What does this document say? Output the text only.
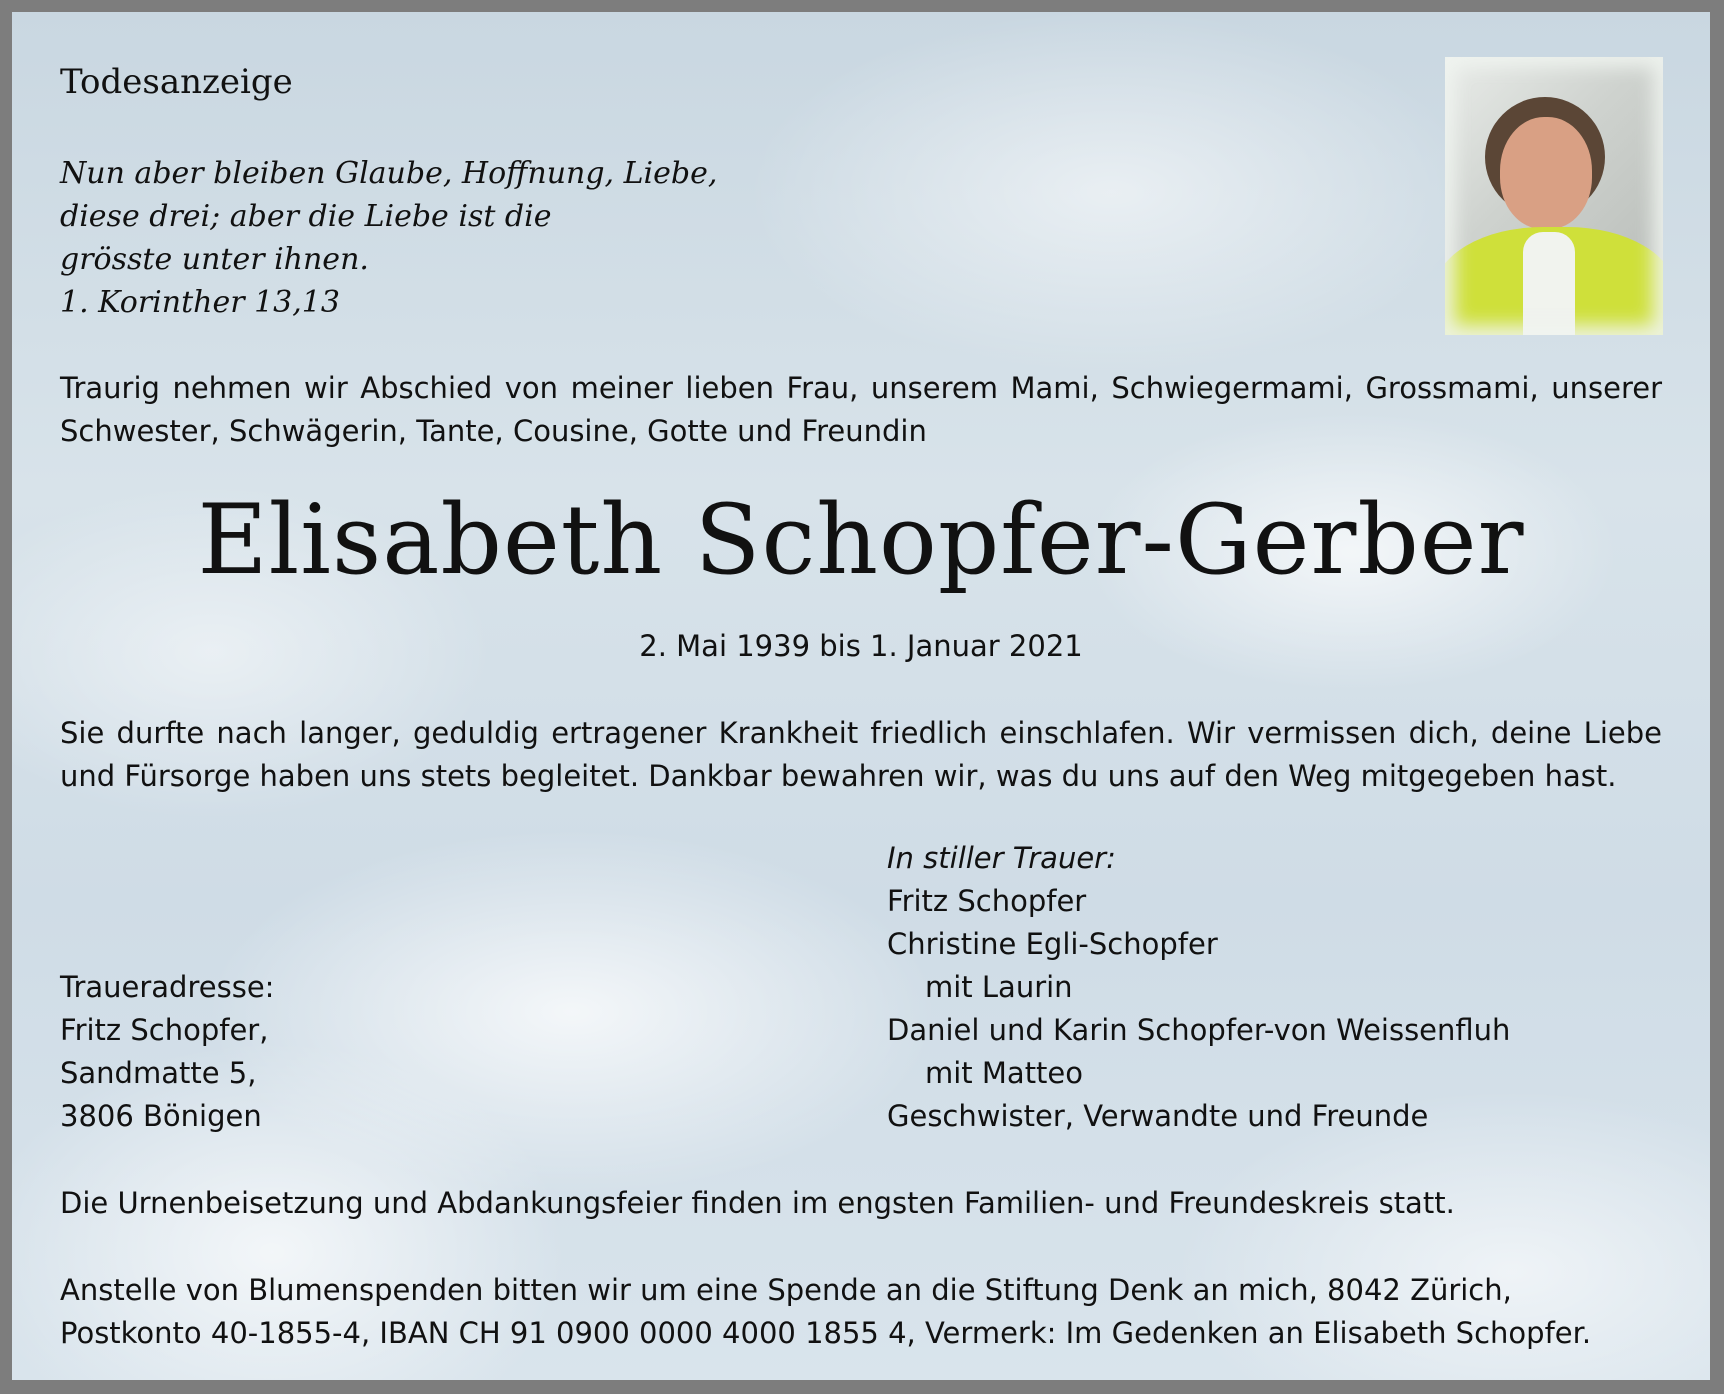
Todesanzeige
Nun aber bleiben Glaube, Hoffnung, Liebe,
diese drei; aber die Liebe ist die
grösste unter ihnen.
1. Korinther 13,13
Traurig nehmen wir Abschied von meiner lieben Frau, unserem Mami, Schwiegermami, Grossmami, unserer Schwester, Schwägerin, Tante, Cousine, Gotte und Freundin
Elisabeth Schopfer-Gerber
2. Mai 1939 bis 1. Januar 2021
Sie durfte nach langer, geduldig ertragener Krankheit friedlich einschlafen. Wir vermissen dich, deine Liebe und Fürsorge haben uns stets begleitet. Dankbar bewahren wir, was du uns auf den Weg mitgegeben hast.
In stiller Trauer:
Fritz Schopfer
Christine Egli-Schopfer
mit Laurin
Daniel und Karin Schopfer-von Weissenfluh
mit Matteo
Geschwister, Verwandte und Freunde
Traueradresse:
Fritz Schopfer,
Sandmatte 5,
3806 Bönigen
Die Urnenbeisetzung und Abdankungsfeier finden im engsten Familien- und Freundeskreis statt.
Anstelle von Blumenspenden bitten wir um eine Spende an die Stiftung Denk an mich, 8042 Zürich, Postkonto 40-1855-4, IBAN CH 91 0900 0000 4000 1855 4, Vermerk: Im Gedenken an Elisabeth Schopfer.
